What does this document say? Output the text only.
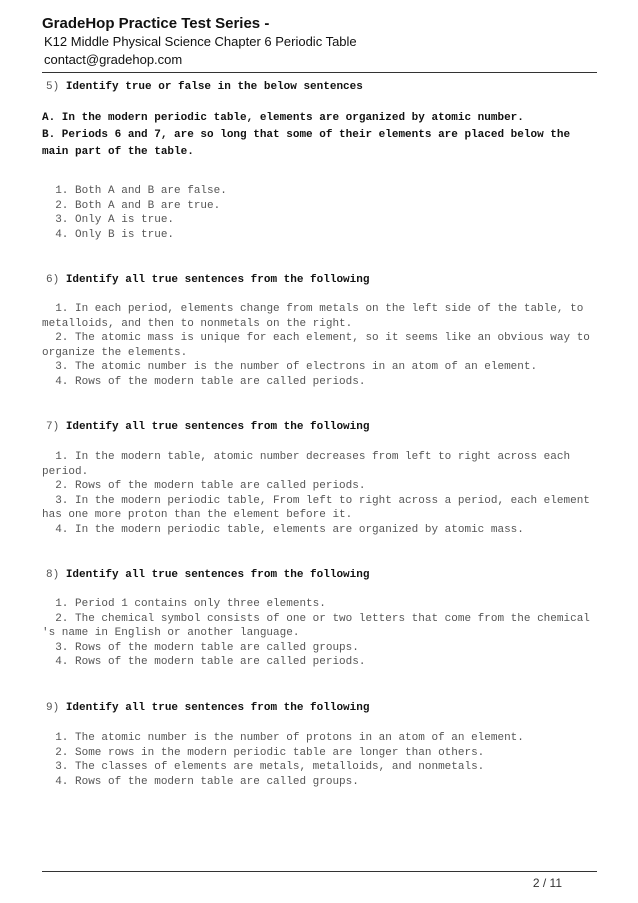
GradeHop Practice Test Series -
K12 Middle Physical Science Chapter 6 Periodic Table
contact@gradehop.com
5) Identify true or false in the below sentences
A. In the modern periodic table, elements are organized by atomic number.
B. Periods 6 and 7, are so long that some of their elements are placed below the main part of the table.
1. Both A and B are false.
2. Both A and B are true.
3. Only A is true.
4. Only B is true.
6) Identify all true sentences from the following
1. In each period, elements change from metals on the left side of the table, to metalloids, and then to nonmetals on the right.
2. The atomic mass is unique for each element, so it seems like an obvious way to organize the elements.
3. The atomic number is the number of electrons in an atom of an element.
4. Rows of the modern table are called periods.
7) Identify all true sentences from the following
1. In the modern table, atomic number decreases from left to right across each period.
2. Rows of the modern table are called periods.
3. In the modern periodic table, From left to right across a period, each element has one more proton than the element before it.
4. In the modern periodic table, elements are organized by atomic mass.
8) Identify all true sentences from the following
1. Period 1 contains only three elements.
2. The chemical symbol consists of one or two letters that come from the chemical 's name in English or another language.
3. Rows of the modern table are called groups.
4. Rows of the modern table are called periods.
9) Identify all true sentences from the following
1. The atomic number is the number of protons in an atom of an element.
2. Some rows in the modern periodic table are longer than others.
3. The classes of elements are metals, metalloids, and nonmetals.
4. Rows of the modern table are called groups.
2 / 11
